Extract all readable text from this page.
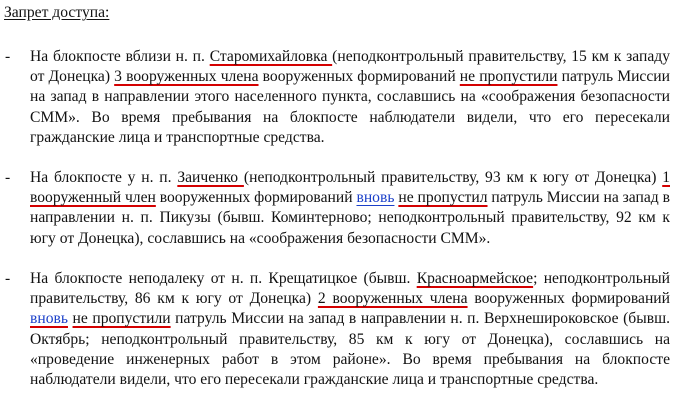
Запрет доступа:
- На блокпосте вблизи н. п. Старомихайловка (неподконтрольный правительству, 15 км к западу от Донецка) 3 вооруженных члена вооруженных формирований не пропустили патруль Миссии на запад в направлении этого населенного пункта, сославшись на «соображения безопасности СММ». Во время пребывания на блокпосте наблюдатели видели, что его пересекали гражданские лица и транспортные средства.

- На блокпосте у н. п. Заиченко (неподконтрольный правительству, 93 км к югу от Донецка) 1 вооруженный член вооруженных формирований вновь не пропустил патруль Миссии на запад в направлении н. п. Пикузы (бывш. Коминтерново; неподконтрольный правительству, 92 км к югу от Донецка), сославшись на «соображения безопасности СММ».

- На блокпосте неподалеку от н. п. Крещатицкое (бывш. Красноармейское; неподконтрольный правительству, 86 км к югу от Донецка) 2 вооруженных члена вооруженных формирований вновь не пропустили патруль Миссии на запад в направлении н. п. Верхнешироковское (бывш. Октябрь; неподконтрольный правительству, 85 км к югу от Донецка), сославшись на «проведение инженерных работ в этом районе». Во время пребывания на блокпосте наблюдатели видели, что его пересекали гражданские лица и транспортные средства.
